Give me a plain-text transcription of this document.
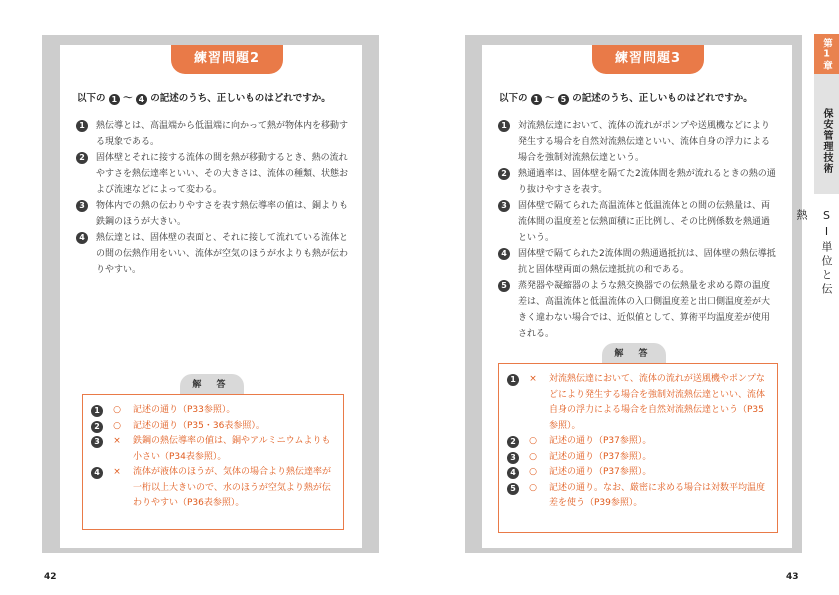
練習問題2
以下の 1 〜 4 の記述のうち、正しいものはどれですか。
1	熱伝導とは、高温端から低温端に向かって熱が物体内を移動する現象である。
2	固体壁とそれに接する流体の間を熱が移動するとき、熱の流れやすさを熱伝達率といい、その大きさは、流体の種類、状態および流速などによって変わる。
3	物体内での熱の伝わりやすさを表す熱伝導率の値は、銅よりも鉄鋼のほうが大きい。
4	熱伝達とは、固体壁の表面と、それに接して流れている流体との間の伝熱作用をいい、流体が空気のほうが水よりも熱が伝わりやすい。
解 答
1	○	記述の通り（P33参照）。
2	○	記述の通り（P35・36表参照）。
3	×	鉄鋼の熱伝導率の値は、銅やアルミニウムよりも小さい（P34表参照）。
4	×	流体が液体のほうが、気体の場合より熱伝達率が一桁以上大きいので、水のほうが空気より熱が伝わりやすい（P36表参照）。
42
練習問題3
以下の 1 〜 5 の記述のうち、正しいものはどれですか。
1	対流熱伝達において、流体の流れがポンプや送風機などにより発生する場合を自然対流熱伝達といい、流体自身の浮力による場合を強制対流熱伝達という。
2	熱通過率は、固体壁を隔てた2流体間を熱が流れるときの熱の通り抜けやすさを表す。
3	固体壁で隔てられた高温流体と低温流体との間の伝熱量は、両流体間の温度差と伝熱面積に正比例し、その比例係数を熱通過という。
4	固体壁で隔てられた2流体間の熱通過抵抗は、固体壁の熱伝導抵抗と固体壁両面の熱伝達抵抗の和である。
5	蒸発器や凝縮器のような熱交換器での伝熱量を求める際の温度差は、高温流体と低温流体の入口側温度差と出口側温度差が大きく違わない場合では、近似値として、算術平均温度差が使用される。
解 答
1	×	対流熱伝達において、流体の流れが送風機やポンプなどにより発生する場合を強制対流熱伝達といい、流体自身の浮力による場合を自然対流熱伝達という（P35参照）。
2	○	記述の通り（P37参照）。
3	○	記述の通り（P37参照）。
4	○	記述の通り（P37参照）。
5	○	記述の通り。なお、厳密に求める場合は対数平均温度差を使う（P39参照）。
43
第1章
保安管理技術
SI単位と伝熱
